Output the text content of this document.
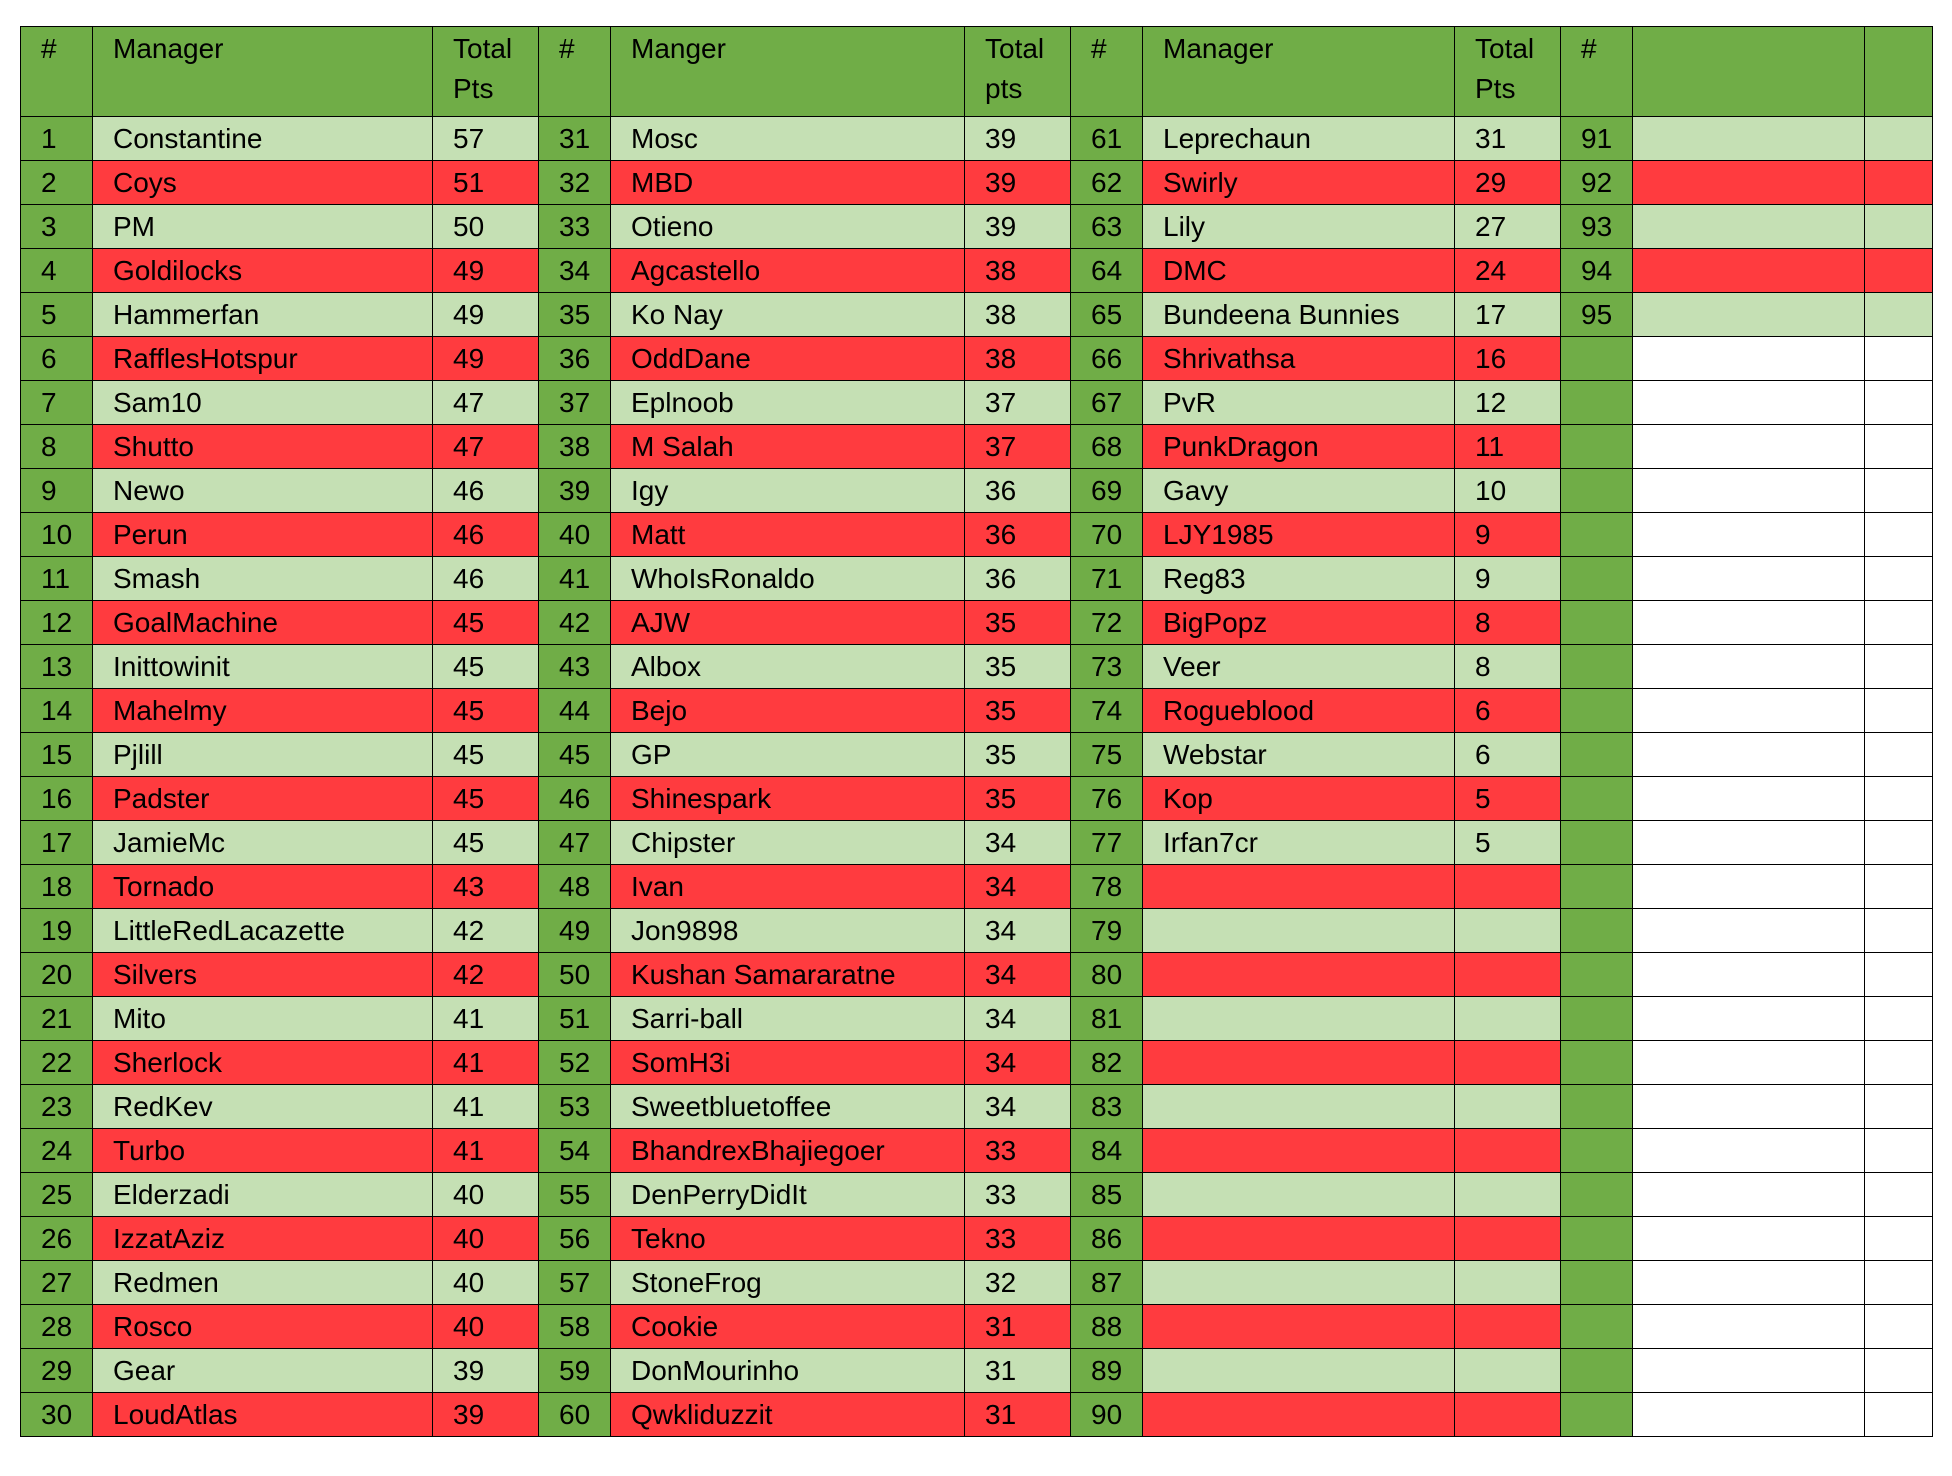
#	Manager	Total Pts	#	Manger	Total pts	#	Manager	Total Pts	#		
1	Constantine	57	31	Mosc	39	61	Leprechaun	31	91		
2	Coys	51	32	MBD	39	62	Swirly	29	92		
3	PM	50	33	Otieno	39	63	Lily	27	93		
4	Goldilocks	49	34	Agcastello	38	64	DMC	24	94		
5	Hammerfan	49	35	Ko Nay	38	65	Bundeena Bunnies	17	95		
6	RafflesHotspur	49	36	OddDane	38	66	Shrivathsa	16			
7	Sam10	47	37	Eplnoob	37	67	PvR	12			
8	Shutto	47	38	M Salah	37	68	PunkDragon	11			
9	Newo	46	39	Igy	36	69	Gavy	10			
10	Perun	46	40	Matt	36	70	LJY1985	9			
11	Smash	46	41	WhoIsRonaldo	36	71	Reg83	9			
12	GoalMachine	45	42	AJW	35	72	BigPopz	8			
13	Inittowinit	45	43	Albox	35	73	Veer	8			
14	Mahelmy	45	44	Bejo	35	74	Rogueblood	6			
15	Pjlill	45	45	GP	35	75	Webstar	6			
16	Padster	45	46	Shinespark	35	76	Kop	5			
17	JamieMc	45	47	Chipster	34	77	Irfan7cr	5			
18	Tornado	43	48	Ivan	34	78					
19	LittleRedLacazette	42	49	Jon9898	34	79					
20	Silvers	42	50	Kushan Samararatne	34	80					
21	Mito	41	51	Sarri-ball	34	81					
22	Sherlock	41	52	SomH3i	34	82					
23	RedKev	41	53	Sweetbluetoffee	34	83					
24	Turbo	41	54	BhandrexBhajiegoer	33	84					
25	Elderzadi	40	55	DenPerryDidIt	33	85					
26	IzzatAziz	40	56	Tekno	33	86					
27	Redmen	40	57	StoneFrog	32	87					
28	Rosco	40	58	Cookie	31	88					
29	Gear	39	59	DonMourinho	31	89					
30	LoudAtlas	39	60	Qwkliduzzit	31	90					
